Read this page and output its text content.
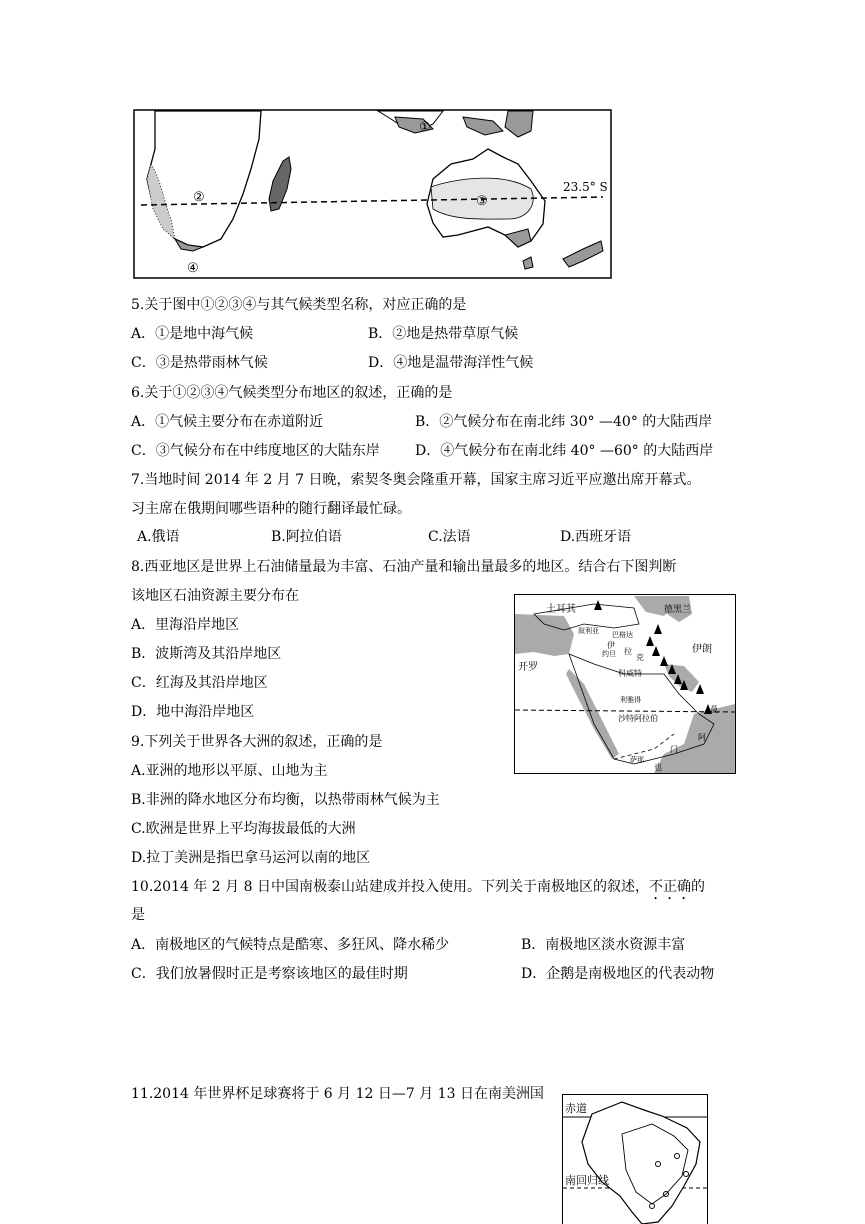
①
②	③
④
23.5° S
5.关于图中①②③④与其气候类型名称，对应正确的是
A．①是地中海气候	B．②地是热带草原气候
C．③是热带雨林气候	D．④地是温带海洋性气候
6.关于①②③④气候类型分布地区的叙述，正确的是
A．①气候主要分布在赤道附近	B．②气候分布在南北纬 30° —40° 的大陆西岸
C．③气候分布在中纬度地区的大陆东岸	D．④气候分布在南北纬 40° —60° 的大陆西岸
7.当地时间 2014 年 2 月 7 日晚，索契冬奥会隆重开幕，国家主席习近平应邀出席开幕式。
习主席在俄期间哪些语种的随行翻译最忙碌。
A.俄语	B.阿拉伯语	C.法语	D.西班牙语
8.西亚地区是世界上石油储量最为丰富、石油产量和输出量最多的地区。结合右下图判断
该地区石油资源主要分布在
A．里海沿岸地区
B．波斯湾及其沿岸地区
C．红海及其沿岸地区
D．地中海沿岸地区
土耳其
叙利亚 巴格达
伊
拉
克
德黑兰
伊朗
约旦
开罗
科威特
利雅得
沙特阿拉伯
阿
曼
门
萨那
也
9.下列关于世界各大洲的叙述，正确的是
A.亚洲的地形以平原、山地为主
B.非洲的降水地区分布均衡，以热带雨林气候为主
C.欧洲是世界上平均海拔最低的大洲
D.拉丁美洲是指巴拿马运河以南的地区
10.2014 年 2 月 8 日中国南极泰山站建成并投入使用。下列关于南极地区的叙述，不正确的
是
A．南极地区的气候特点是酷寒、多狂风、降水稀少	B．南极地区淡水资源丰富
C．我们放暑假时正是考察该地区的最佳时期	D．企鹅是南极地区的代表动物
11.2014 年世界杯足球赛将于 6 月 12 日—7 月 13 日在南美洲国
赤道
南回归线
